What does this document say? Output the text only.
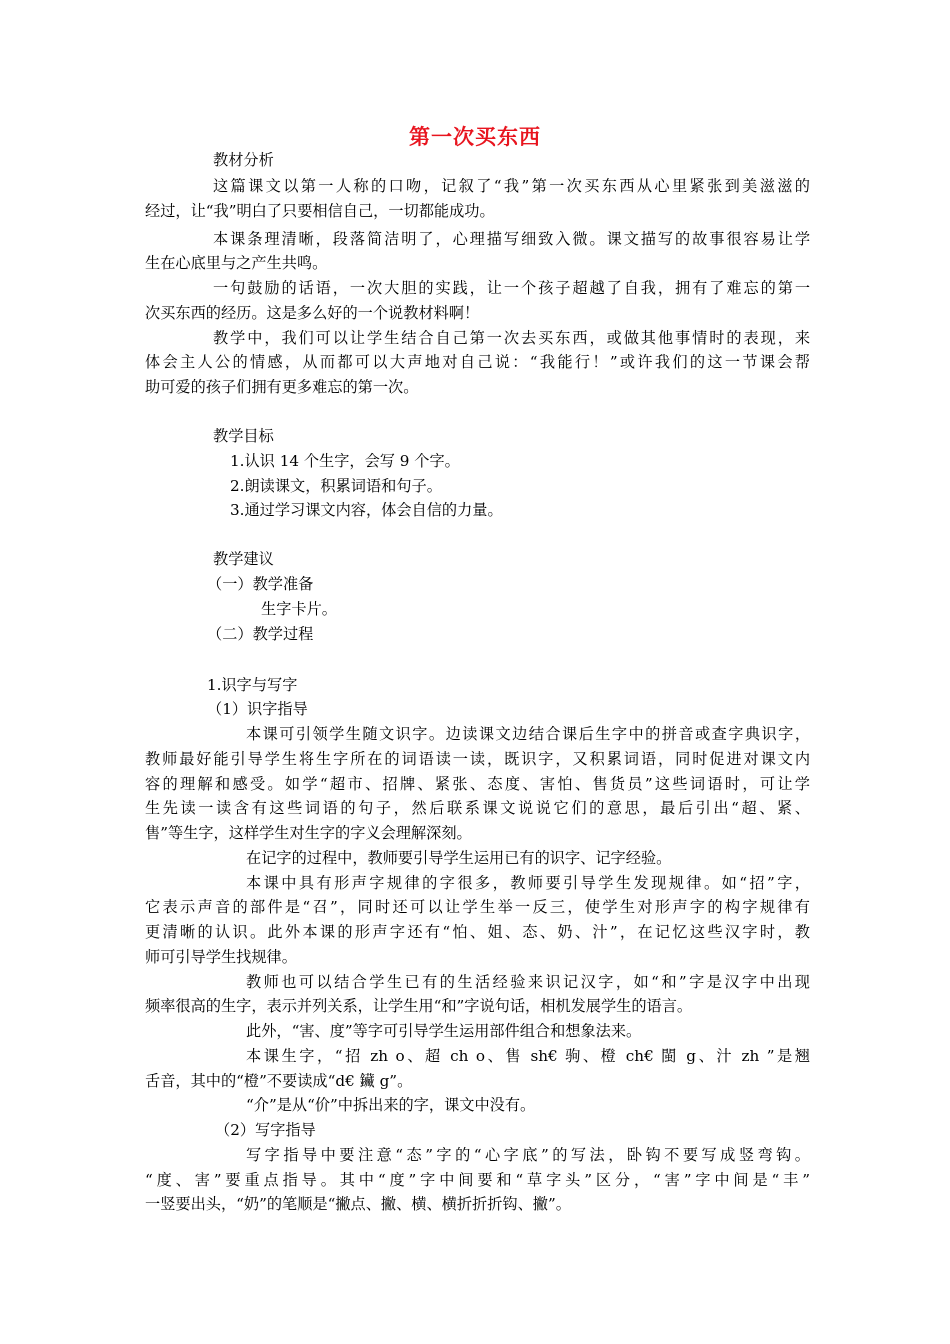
第一次买东西
教材分析
这篇课文以第一人称的口吻，记叙了“我”第一次买东西从心里紧张到美滋滋的
经过，让“我”明白了只要相信自己，一切都能成功。
本课条理清晰，段落简洁明了，心理描写细致入微。课文描写的故事很容易让学
生在心底里与之产生共鸣。
一句鼓励的话语，一次大胆的实践，让一个孩子超越了自我，拥有了难忘的第一
次买东西的经历。这是多么好的一个说教材料啊！
教学中，我们可以让学生结合自己第一次去买东西，或做其他事情时的表现，来
体会主人公的情感，从而都可以大声地对自己说：“我能行！”或许我们的这一节课会帮
助可爱的孩子们拥有更多难忘的第一次。
教学目标
1.认识 14 个生字，会写 9 个字。
2.朗读课文，积累词语和句子。
3.通过学习课文内容，体会自信的力量。
教学建议
（一）教学准备
生字卡片。
（二）教学过程
1.识字与写字
（1）识字指导
本课可引领学生随文识字。边读课文边结合课后生字中的拼音或查字典识字，
教师最好能引导学生将生字所在的词语读一读，既识字，又积累词语，同时促进对课文内
容的理解和感受。如学“超市、招牌、紧张、态度、害怕、售货员”这些词语时，可让学
生先读一读含有这些词语的句子，然后联系课文说说它们的意思，最后引出“超、紧、
售”等生字，这样学生对生字的字义会理解深刻。
在记字的过程中，教师要引导学生运用已有的识字、记字经验。
本课中具有形声字规律的字很多，教师要引导学生发现规律。如“招”字，
它表示声音的部件是“召”，同时还可以让学生举一反三，使学生对形声字的构字规律有
更清晰的认识。此外本课的形声字还有“怕、姐、态、奶、汁”，在记忆这些汉字时，教
师可引导学生找规律。
教师也可以结合学生已有的生活经验来识记汉字，如“和”字是汉字中出现
频率很高的生字，表示并列关系，让学生用“和”字说句话，相机发展学生的语言。
此外，“害、度”等字可引导学生运用部件组合和想象法来。
本课生字，“招 zh o、超 ch o、售 sh€ 驹、橙 ch€ 閩 g、汁 zh ”是翘
舌音，其中的“橙”不要读成“d€ 鑶 g”。
“介”是从“价”中拆出来的字，课文中没有。
（2）写字指导
写字指导中要注意“态”字的“心字底”的写法，卧钩不要写成竖弯钩。
“度、害”要重点指导。其中“度”字中间要和“草字头”区分，“害”字中间是“丰”
一竖要出头，“奶”的笔顺是“撇点、撇、横、横折折折钩、撇”。
